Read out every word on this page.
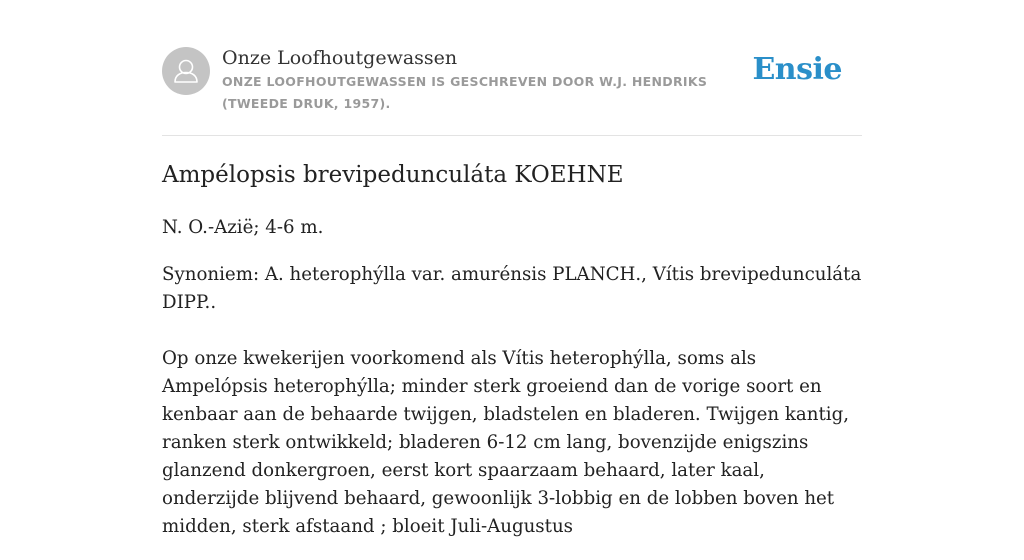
Onze Loofhoutgewassen
ONZE LOOFHOUTGEWASSEN IS GESCHREVEN DOOR W.J. HENDRIKS (TWEEDE DRUK, 1957).
Ensie
Ampélopsis brevipedunculáta KOEHNE

N. O.-Azië; 4-6 m.

Synoniem: A. heterophýlla var. amurénsis PLANCH., Vítis brevipedunculáta DIPP..

Op onze kwekerijen voorkomend als Vítis heterophýlla, soms als Ampelópsis heterophýlla; minder sterk groeiend dan de vorige soort en kenbaar aan de behaarde twijgen, bladstelen en bladeren. Twijgen kantig, ranken sterk ontwikkeld; bladeren 6-12 cm lang, bovenzijde enigszins glanzend donkergroen, eerst kort spaarzaam behaard, later kaal, onderzijde blijvend behaard, gewoonlijk 3-lobbig en de lobben boven het midden, sterk afstaand ; bloeit Juli-Augustus
